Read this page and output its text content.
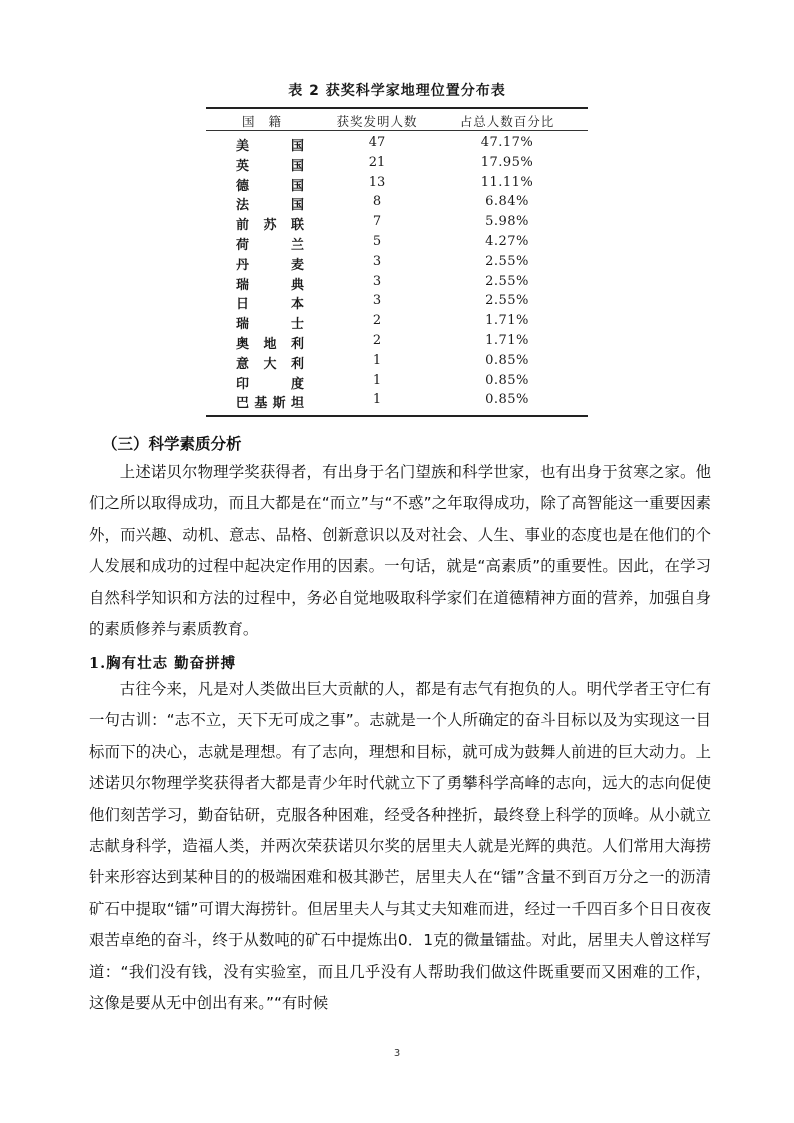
表 2 获奖科学家地理位置分布表
国籍	获奖发明人数	占总人数百分比
美国	47	47.17%
英国	21	17.95%
德国	13	11.11%
法国	8	6.84%
前苏联	7	5.98%
荷兰	5	4.27%
丹麦	3	2.55%
瑞典	3	2.55%
日本	3	2.55%
瑞士	2	1.71%
奥地利	2	1.71%
意大利	1	0.85%
印度	1	0.85%
巴基斯坦	1	0.85%
（三）科学素质分析

上述诺贝尔物理学奖获得者，有出身于名门望族和科学世家，也有出身于贫寒之家。他们之所以取得成功，而且大都是在“而立”与“不惑”之年取得成功，除了高智能这一重要因素外，而兴趣、动机、意志、品格、创新意识以及对社会、人生、事业的态度也是在他们的个人发展和成功的过程中起决定作用的因素。一句话，就是“高素质”的重要性。因此，在学习自然科学知识和方法的过程中，务必自觉地吸取科学家们在道德精神方面的营养，加强自身的素质修养与素质教育。

1.胸有壮志 勤奋拼搏

古往今来，凡是对人类做出巨大贡献的人，都是有志气有抱负的人。明代学者王守仁有一句古训：“志不立，天下无可成之事”。志就是一个人所确定的奋斗目标以及为实现这一目标而下的决心，志就是理想。有了志向，理想和目标，就可成为鼓舞人前进的巨大动力。上述诺贝尔物理学奖获得者大都是青少年时代就立下了勇攀科学高峰的志向，远大的志向促使他们刻苦学习，勤奋钻研，克服各种困难，经受各种挫折，最终登上科学的顶峰。从小就立志献身科学，造福人类，并两次荣获诺贝尔奖的居里夫人就是光辉的典范。人们常用大海捞针来形容达到某种目的的极端困难和极其渺芒，居里夫人在“镭”含量不到百万分之一的沥清矿石中提取“镭”可谓大海捞针。但居里夫人与其丈夫知难而进，经过一千四百多个日日夜夜艰苦卓绝的奋斗，终于从数吨的矿石中提炼出0．1克的微量镭盐。对此，居里夫人曾这样写道：“我们没有钱，没有实验室，而且几乎没有人帮助我们做这件既重要而又困难的工作，这像是要从无中创出有来。”“有时候

3
